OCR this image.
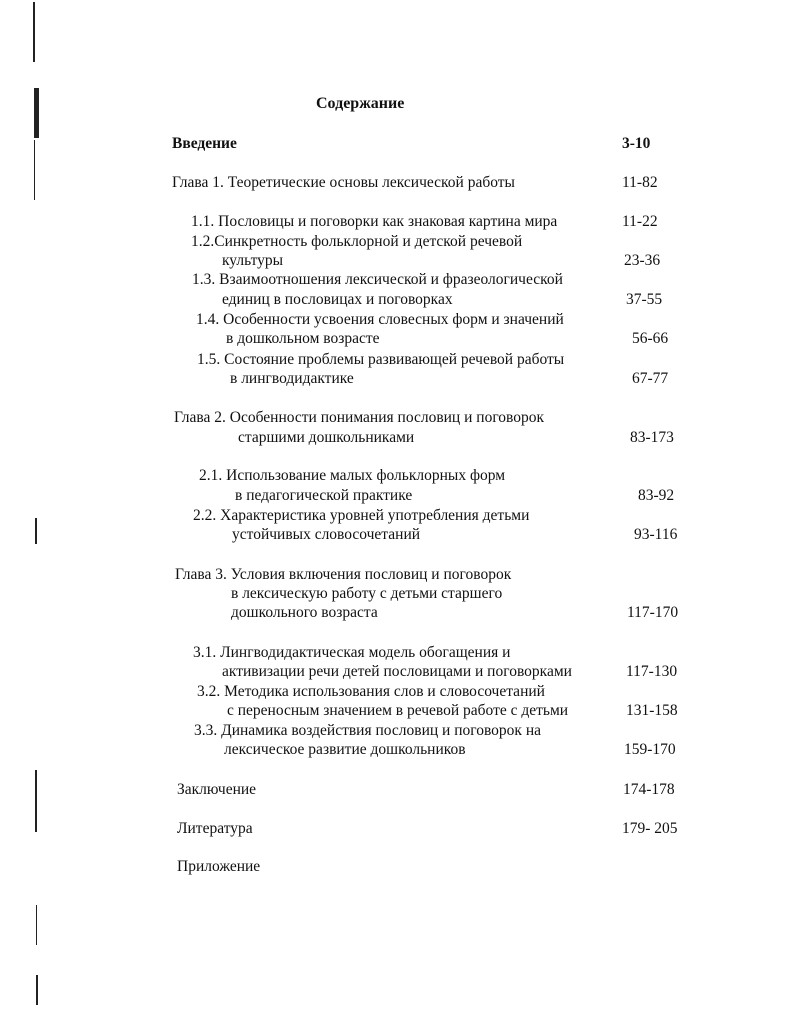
Содержание
Введение	3-10
Глава 1. Теоретические основы лексической работы	11-82
1.1. Пословицы и поговорки как знаковая картина мира	11-22
1.2.Синкретность фольклорной и детской речевой
культуры	23-36
1.3. Взаимоотношения лексической и фразеологической
единиц в пословицах и поговорках	37-55
1.4. Особенности усвоения словесных форм и значений
в дошкольном возрасте	56-66
1.5. Состояние проблемы развивающей речевой работы
в лингводидактике	67-77
Глава 2. Особенности понимания пословиц и поговорок
старшими дошкольниками	83-173
2.1. Использование малых фольклорных форм
в педагогической практике	83-92
2.2. Характеристика уровней употребления детьми
устойчивых словосочетаний	93-116
Глава 3. Условия включения пословиц и поговорок
в лексическую работу с детьми старшего
дошкольного возраста	117-170
3.1. Лингводидактическая модель обогащения и
активизации речи детей пословицами и поговорками	117-130
3.2. Методика использования слов и словосочетаний
с переносным значением в речевой работе с детьми	131-158
3.3. Динамика воздействия пословиц и поговорок на
лексическое развитие дошкольников	159-170
Заключение	174-178
Литература	179- 205
Приложение
